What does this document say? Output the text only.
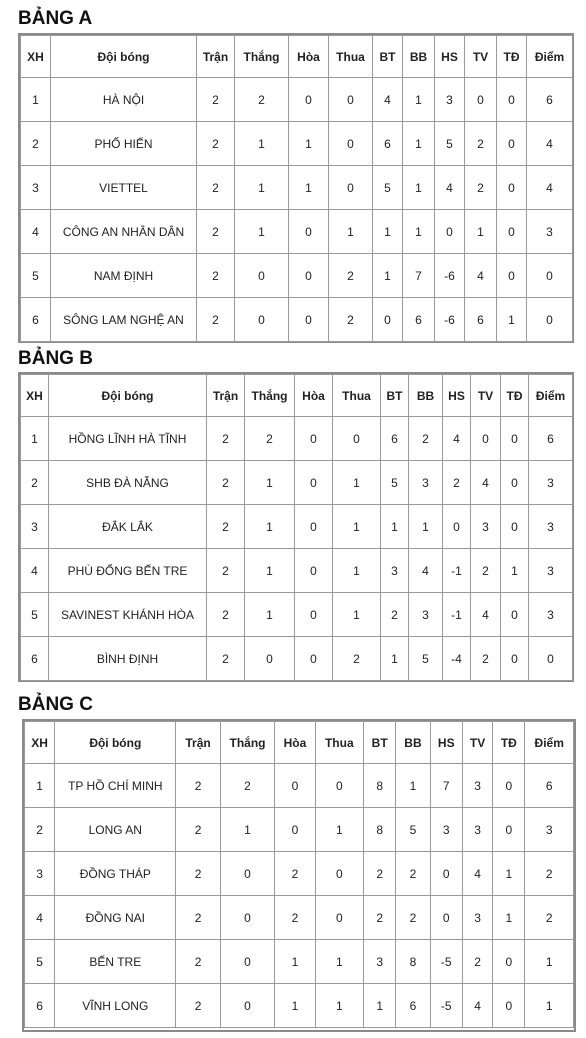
BẢNG A
XH	Đội bóng	Trận	Thắng	Hòa	Thua	BT	BB	HS	TV	TĐ	Điểm
1	HÀ NỘI	2	2	0	0	4	1	3	0	0	6
2	PHỐ HIẾN	2	1	1	0	6	1	5	2	0	4
3	VIETTEL	2	1	1	0	5	1	4	2	0	4
4	CÔNG AN NHÂN DÂN	2	1	0	1	1	1	0	1	0	3
5	NAM ĐỊNH	2	0	0	2	1	7	-6	4	0	0
6	SÔNG LAM NGHỆ AN	2	0	0	2	0	6	-6	6	1	0
BẢNG B
XH	Đội bóng	Trận	Thắng	Hòa	Thua	BT	BB	HS	TV	TĐ	Điểm
1	HỒNG LĨNH HÀ TĨNH	2	2	0	0	6	2	4	0	0	6
2	SHB ĐÀ NẴNG	2	1	0	1	5	3	2	4	0	3
3	ĐẮK LẮK	2	1	0	1	1	1	0	3	0	3
4	PHÙ ĐỔNG BẾN TRE	2	1	0	1	3	4	-1	2	1	3
5	SAVINEST KHÁNH HÒA	2	1	0	1	2	3	-1	4	0	3
6	BÌNH ĐỊNH	2	0	0	2	1	5	-4	2	0	0
BẢNG C
XH	Đội bóng	Trận	Thắng	Hòa	Thua	BT	BB	HS	TV	TĐ	Điểm
1	TP HỒ CHÍ MINH	2	2	0	0	8	1	7	3	0	6
2	LONG AN	2	1	0	1	8	5	3	3	0	3
3	ĐỒNG THÁP	2	0	2	0	2	2	0	4	1	2
4	ĐỒNG NAI	2	0	2	0	2	2	0	3	1	2
5	BẾN TRE	2	0	1	1	3	8	-5	2	0	1
6	VĨNH LONG	2	0	1	1	1	6	-5	4	0	1
